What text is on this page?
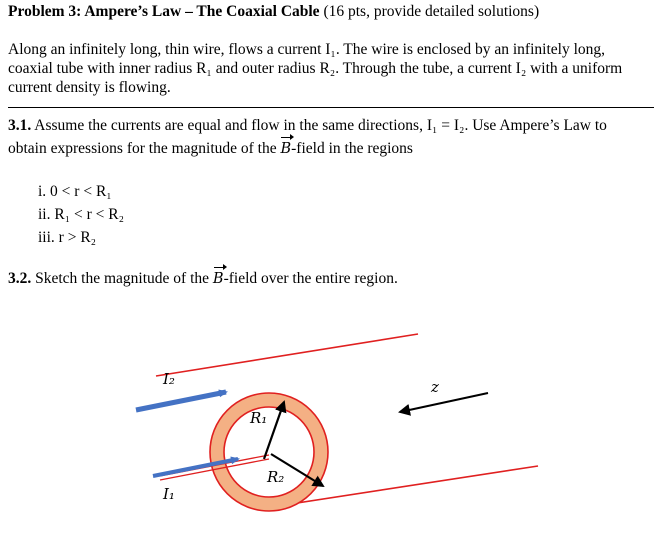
Problem 3: Ampere’s Law – The Coaxial Cable (16 pts, provide detailed solutions)
Along an infinitely long, thin wire, flows a current I₁. The wire is enclosed by an infinitely long,
coaxial tube with inner radius R₁ and outer radius R₂. Through the tube, a current I₂ with a uniform
current density is flowing.
3.1. Assume the currents are equal and flow in the same directions, I₁ = I₂. Use Ampere’s Law to
obtain expressions for the magnitude of the B-field in the regions
i. 0 < r < R₁
ii. R₁ < r < R₂
iii. r > R₂
3.2. Sketch the magnitude of the B-field over the entire region.
I₂
I₁
R₁
R₂
z
